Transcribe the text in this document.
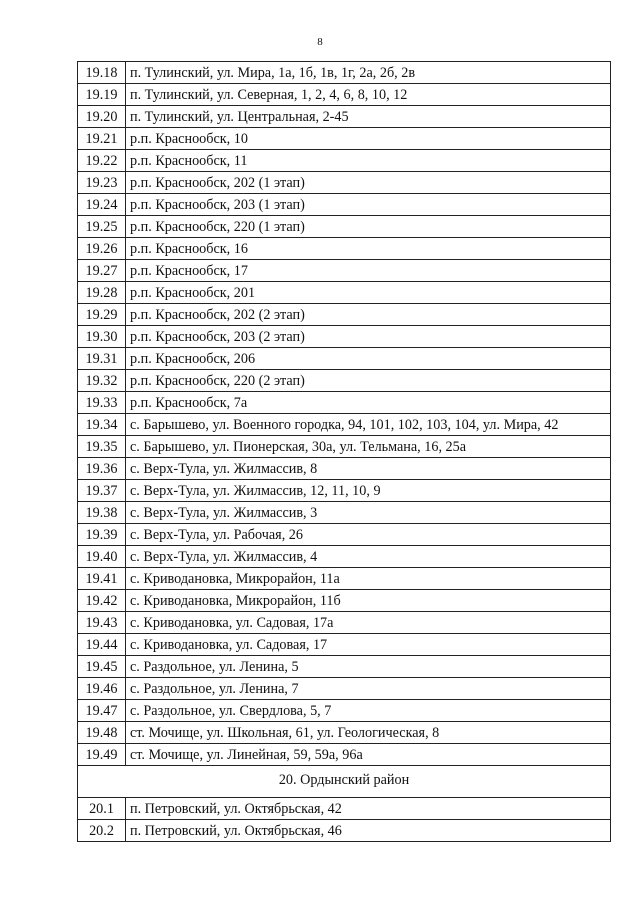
8
19.18	п. Тулинский, ул. Мира, 1а, 1б, 1в, 1г, 2а, 2б, 2в
19.19	п. Тулинский, ул. Северная, 1, 2, 4, 6, 8, 10, 12
19.20	п. Тулинский, ул. Центральная, 2-45
19.21	р.п. Краснообск, 10
19.22	р.п. Краснообск, 11
19.23	р.п. Краснообск, 202 (1 этап)
19.24	р.п. Краснообск, 203 (1 этап)
19.25	р.п. Краснообск, 220 (1 этап)
19.26	р.п. Краснообск, 16
19.27	р.п. Краснообск, 17
19.28	р.п. Краснообск, 201
19.29	р.п. Краснообск, 202 (2 этап)
19.30	р.п. Краснообск, 203 (2 этап)
19.31	р.п. Краснообск, 206
19.32	р.п. Краснообск, 220 (2 этап)
19.33	р.п. Краснообск, 7а
19.34	с. Барышево, ул. Военного городка, 94, 101, 102, 103, 104, ул. Мира, 42
19.35	с. Барышево, ул. Пионерская, 30а, ул. Тельмана, 16, 25а
19.36	с. Верх-Тула, ул. Жилмассив, 8
19.37	с. Верх-Тула, ул. Жилмассив, 12, 11, 10, 9
19.38	с. Верх-Тула, ул. Жилмассив, 3
19.39	с. Верх-Тула, ул. Рабочая, 26
19.40	с. Верх-Тула, ул. Жилмассив, 4
19.41	с. Криводановка, Микрорайон, 11а
19.42	с. Криводановка, Микрорайон, 11б
19.43	с. Криводановка, ул. Садовая, 17а
19.44	с. Криводановка, ул. Садовая, 17
19.45	с. Раздольное, ул. Ленина, 5
19.46	с. Раздольное, ул. Ленина, 7
19.47	с. Раздольное, ул. Свердлова, 5, 7
19.48	ст. Мочище, ул. Школьная, 61, ул. Геологическая, 8
19.49	ст. Мочище, ул. Линейная, 59, 59а, 96а
20. Ордынский район	
20.1	п. Петровский, ул. Октябрьская, 42
20.2	п. Петровский, ул. Октябрьская, 46
